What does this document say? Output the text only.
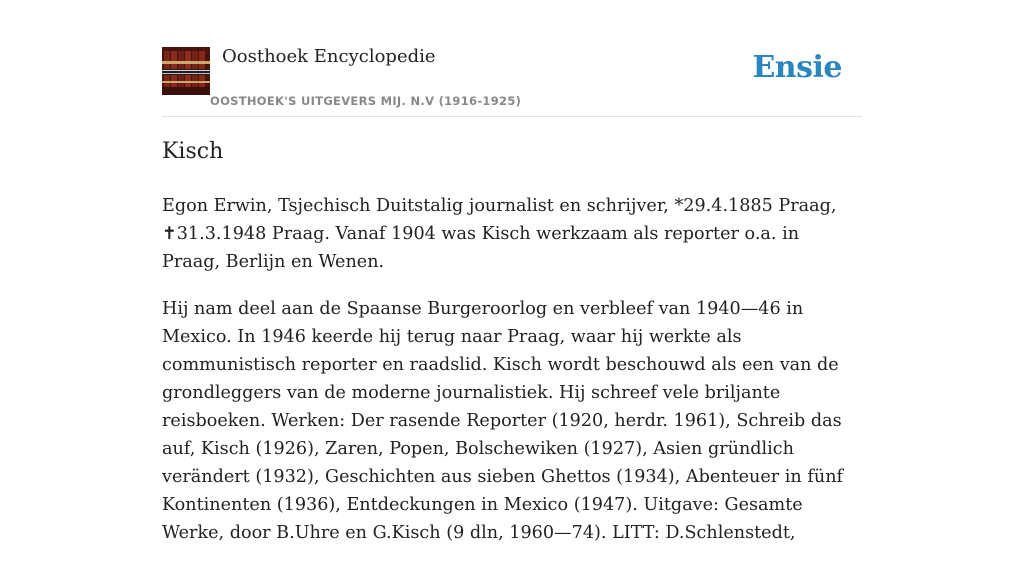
Oosthoek Encyclopedie
OOSTHOEK'S UITGEVERS MIJ. N.V (1916-1925)
Ensie
Kisch

Egon Erwin, Tsjechisch Duitstalig journalist en schrijver, *29.4.1885 Praag, ✝31.3.1948 Praag. Vanaf 1904 was Kisch werkzaam als reporter o.a. in Praag, Berlijn en Wenen.

Hij nam deel aan de Spaanse Burgeroorlog en verbleef van 1940—46 in Mexico. In 1946 keerde hij terug naar Praag, waar hij werkte als communistisch reporter en raadslid. Kisch wordt beschouwd als een van de grondleggers van de moderne journalistiek. Hij schreef vele briljante reisboeken. Werken: Der rasende Reporter (1920, herdr. 1961), Schreib das auf, Kisch (1926), Zaren, Popen, Bolschewiken (1927), Asien gründlich verändert (1932), Geschichten aus sieben Ghettos (1934), Abenteuer in fünf Kontinenten (1936), Entdeckungen in Mexico (1947). Uitgave: Gesamte Werke, door B.Uhre en G.Kisch (9 dln, 1960—74). LITT: D.Schlenstedt,
